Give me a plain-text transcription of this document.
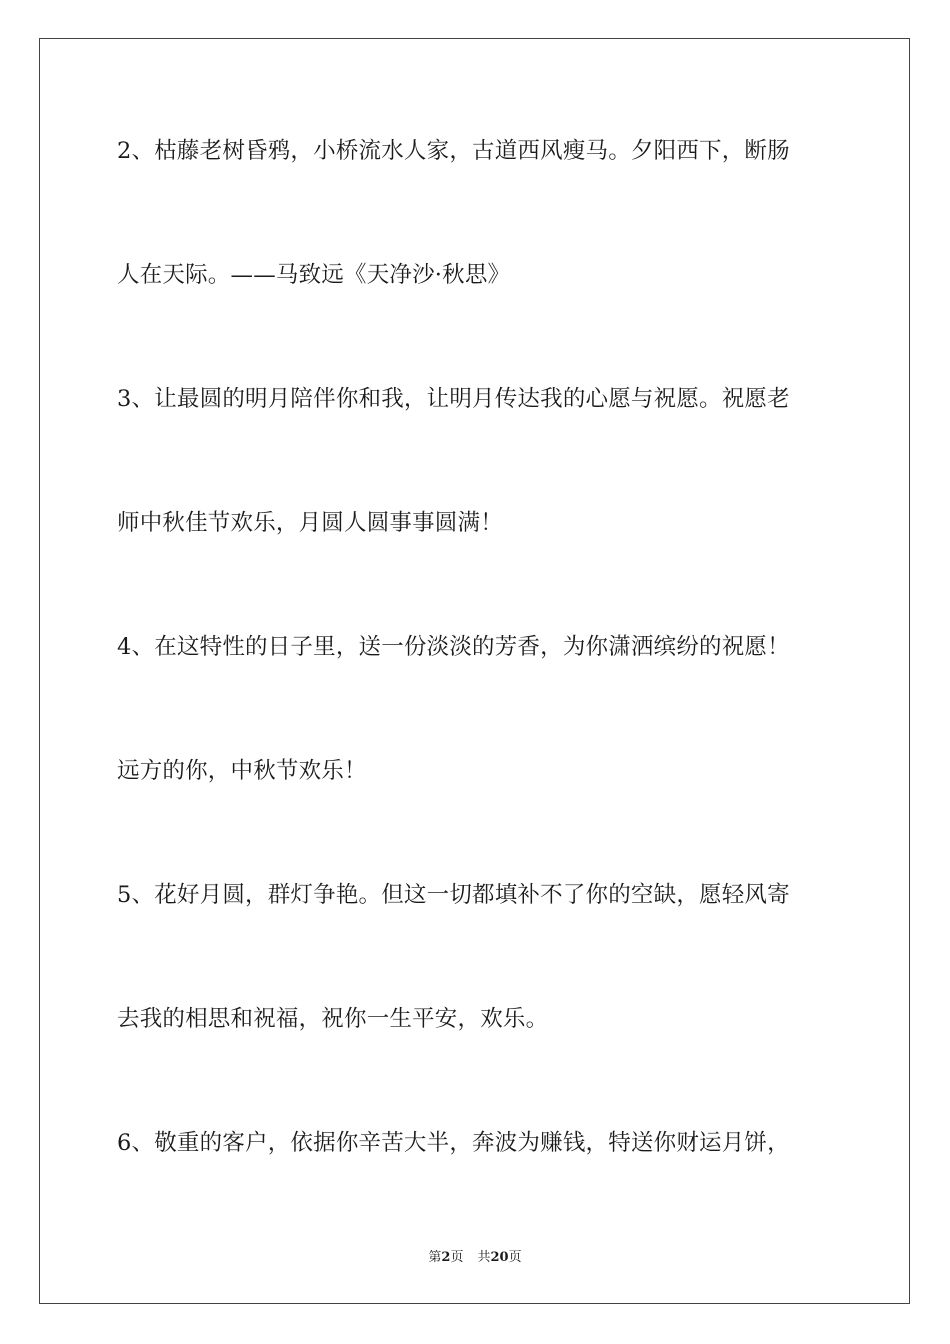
2、枯藤老树昏鸦，小桥流水人家，古道西风瘦马。夕阳西下，断肠

人在天际。——马致远《天净沙·秋思》

3、让最圆的明月陪伴你和我，让明月传达我的心愿与祝愿。祝愿老

师中秋佳节欢乐，月圆人圆事事圆满！

4、在这特性的日子里，送一份淡淡的芳香，为你潇洒缤纷的祝愿！

远方的你，中秋节欢乐！

5、花好月圆，群灯争艳。但这一切都填补不了你的空缺，愿轻风寄

去我的相思和祝福，祝你一生平安，欢乐。

6、敬重的客户，依据你辛苦大半，奔波为赚钱，特送你财运月饼，

第2页 共20页
